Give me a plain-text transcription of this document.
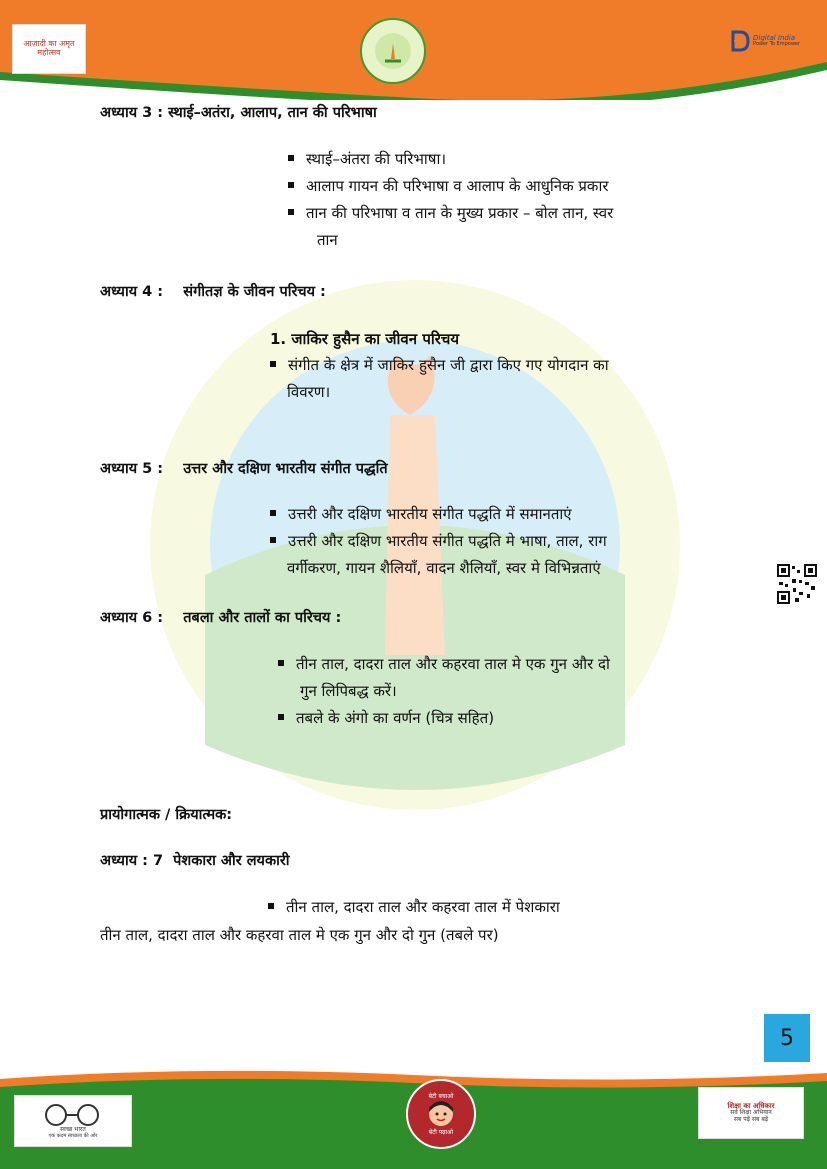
आज़ादी का अमृत महोत्सव
Digital India
Power To Empower
अध्याय 3 : स्थाई–अतंरा, आलाप, तान की परिभाषा
स्थाई–अंतरा की परिभाषा।
आलाप गायन की परिभाषा व आलाप के आधुनिक प्रकार
तान की परिभाषा व तान के मुख्य प्रकार – बोल तान, स्वर
तान
अध्याय 4 :    संगीतज्ञ के जीवन परिचय :
1. जाकिर हुसैन का जीवन परिचय
संगीत के क्षेत्र में जाकिर हुसैन जी द्वारा किए गए योगदान का
विवरण।
अध्याय 5 :    उत्तर और दक्षिण भारतीय संगीत पद्धति
उत्तरी और दक्षिण भारतीय संगीत पद्धति में समानताएं
उत्तरी और दक्षिण भारतीय संगीत पद्धति मे भाषा, ताल, राग
वर्गीकरण, गायन शैलियाँ, वादन शैलियाँ, स्वर मे विभिन्नताएं
अध्याय 6 :    तबला और तालों का परिचय :
तीन ताल, दादरा ताल और कहरवा ताल मे एक गुन और दो
गुन लिपिबद्ध करें।
तबले के अंगो का वर्णन (चित्र सहित)
प्रायोगात्मक / क्रियात्मक:
अध्याय : 7  पेशकारा और लयकारी
तीन ताल, दादरा ताल और कहरवा ताल में पेशकारा
तीन ताल, दादरा ताल और कहरवा ताल मे एक गुन और दो गुन (तबले पर)
5
स्वच्छ भारत
एक कदम स्वच्छता की ओर
बेटी बचाओ
बेटी पढ़ाओ
शिक्षा का अधिकार
सर्व शिक्षा अभियान
सब पढ़ें सब बढ़ें
